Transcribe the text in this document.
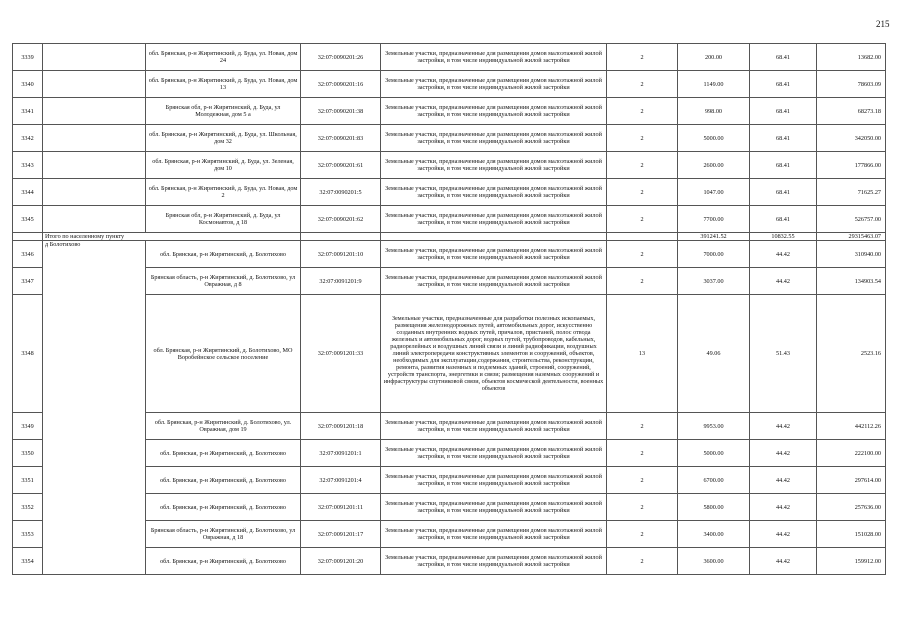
215
3339		обл. Брянская, р-н Жирятинский, д. Буда, ул. Новая, дом 24	32:07:0090201:26	Земельные участки, предназначенные для размещения домов малоэтажной жилой застройки, в том числе индивидуальной жилой застройки	2	200.00	68.41	13682.00
3340		обл. Брянская, р-н Жирятинский, д. Буда, ул. Новая, дом 13	32:07:0090201:16	Земельные участки, предназначенные для размещения домов малоэтажной жилой застройки, в том числе индивидуальной жилой застройки	2	1149.00	68.41	78603.09
3341		Брянская обл, р-н Жирятинский, д. Буда, ул Молодежная, дом 5 а	32:07:0090201:38	Земельные участки, предназначенные для размещения домов малоэтажной жилой застройки, в том числе индивидуальной жилой застройки	2	998.00	68.41	68273.18
3342		обл. Брянская, р-н Жирятинский, д. Буда, ул. Школьная, дом 32	32:07:0090201:83	Земельные участки, предназначенные для размещения домов малоэтажной жилой застройки, в том числе индивидуальной жилой застройки	2	5000.00	68.41	342050.00
3343		обл. Брянская, р-н Жирятинский, д. Буда, ул. Зеленая, дом 10	32:07:0090201:61	Земельные участки, предназначенные для размещения домов малоэтажной жилой застройки, в том числе индивидуальной жилой застройки	2	2600.00	68.41	177866.00
3344		обл. Брянская, р-н Жирятинский, д. Буда, ул. Новая, дом 2	32:07:0090201:5	Земельные участки, предназначенные для размещения домов малоэтажной жилой застройки, в том числе индивидуальной жилой застройки	2	1047.00	68.41	71625.27
3345		Брянская обл, р-н Жирятинский, д. Буда, ул Космонавтов, д 18	32:07:0090201:62	Земельные участки, предназначенные для размещения домов малоэтажной жилой застройки, в том числе индивидуальной жилой застройки	2	7700.00	68.41	526757.00
	Итого по населенному пункту					391241.52	10832.55	29315463.07
3346	д Болотихово	обл. Брянская, р-н Жирятинский, д. Болотихово	32:07:0091201:10	Земельные участки, предназначенные для размещения домов малоэтажной жилой застройки, в том числе индивидуальной жилой застройки	2	7000.00	44.42	310940.00
3347		Брянская область, р-н Жирятинский, д. Болотихово, ул Овражная, д 8	32:07:0091201:9	Земельные участки, предназначенные для размещения домов малоэтажной жилой застройки, в том числе индивидуальной жилой застройки	2	3037.00	44.42	134903.54
3348		обл. Брянская, р-н Жирятинский, д. Болотихово, МО Воробейнское сельское поселение	32:07:0091201:33	Земельные участки, предназначенные для разработки полезных ископаемых, размещения железнодорожных путей, автомобильных дорог, искусственно созданных внутренних водных путей, причалов, пристаней, полос отвода железных и автомобильных дорог, водных путей, трубопроводов, кабельных, радиорелейных и воздушных линий связи и линий радиофикации, воздушных линий электропередачи конструктивных элементов и сооружений, объектов, необходимых для эксплуатации,содержания, строительства, реконструкции, ремонта, развития наземных и подземных зданий, строений, сооружений, устройств транспорта, энергетики и связи; размещения наземных сооружений и инфраструктуры спутниковой связи, объектов космической деятельности, военных объектов	13	49.06	51.43	2523.16
3349		обл. Брянская, р-н Жирятинский, д. Болотихово, ул. Овражная, дом 19	32:07:0091201:18	Земельные участки, предназначенные для размещения домов малоэтажной жилой застройки, в том числе индивидуальной жилой застройки	2	9953.00	44.42	442112.26
3350		обл. Брянская, р-н Жирятинский, д. Болотихово	32:07:0091201:1	Земельные участки, предназначенные для размещения домов малоэтажной жилой застройки, в том числе индивидуальной жилой застройки	2	5000.00	44.42	222100.00
3351		обл. Брянская, р-н Жирятинский, д. Болотихово	32:07:0091201:4	Земельные участки, предназначенные для размещения домов малоэтажной жилой застройки, в том числе индивидуальной жилой застройки	2	6700.00	44.42	297614.00
3352		обл. Брянская, р-н Жирятинский, д. Болотихово	32:07:0091201:11	Земельные участки, предназначенные для размещения домов малоэтажной жилой застройки, в том числе индивидуальной жилой застройки	2	5800.00	44.42	257636.00
3353		Брянская область, р-н Жирятинский, д. Болотихово, ул Овражная, д 18	32:07:0091201:17	Земельные участки, предназначенные для размещения домов малоэтажной жилой застройки, в том числе индивидуальной жилой застройки	2	3400.00	44.42	151028.00
3354		обл. Брянская, р-н Жирятинский, д. Болотихово	32:07:0091201:20	Земельные участки, предназначенные для размещения домов малоэтажной жилой застройки, в том числе индивидуальной жилой застройки	2	3600.00	44.42	159912.00
